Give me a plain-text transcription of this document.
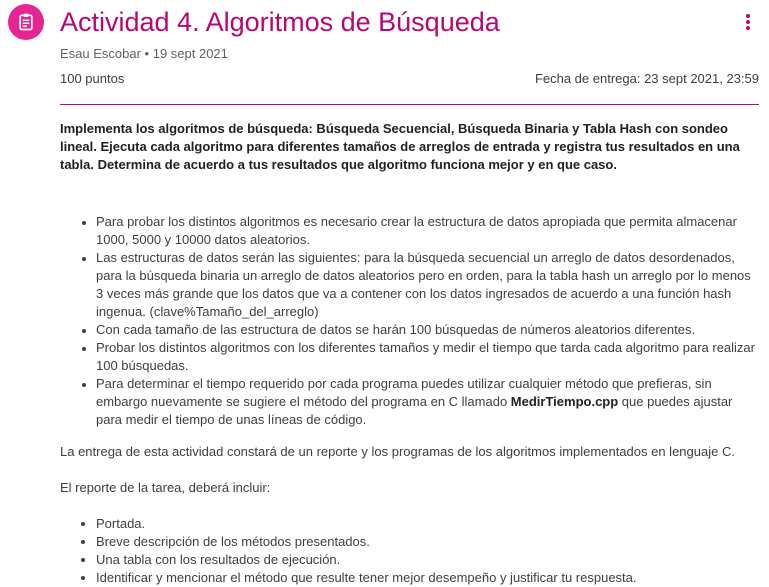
Actividad 4. Algoritmos de Búsqueda
Esau Escobar • 19 sept 2021
100 puntos	Fecha de entrega: 23 sept 2021, 23:59

Implementa los algoritmos de búsqueda: Búsqueda Secuencial, Búsqueda Binaria y Tabla Hash con sondeo lineal. Ejecuta cada algoritmo para diferentes tamaños de arreglos de entrada y registra tus resultados en una tabla. Determina de acuerdo a tus resultados que algoritmo funciona mejor y en que caso.

• Para probar los distintos algoritmos es necesario crear la estructura de datos apropiada que permita almacenar 1000, 5000 y 10000 datos aleatorios.
• Las estructuras de datos serán las siguientes: para la búsqueda secuencial un arreglo de datos desordenados, para la búsqueda binaria un arreglo de datos aleatorios pero en orden, para la tabla hash un arreglo por lo menos 3 veces más grande que los datos que va a contener con los datos ingresados de acuerdo a una función hash ingenua. (clave%Tamaño_del_arreglo)
• Con cada tamaño de las estructura de datos se harán 100 búsquedas de números aleatorios diferentes.
• Probar los distintos algoritmos con los diferentes tamaños y medir el tiempo que tarda cada algoritmo para realizar 100 búsquedas.
• Para determinar el tiempo requerido por cada programa puedes utilizar cualquier método que prefieras, sin embargo nuevamente se sugiere el método del programa en C llamado MedirTiempo.cpp que puedes ajustar para medir el tiempo de unas líneas de código.

La entrega de esta actividad constará de un reporte y los programas de los algoritmos implementados en lenguaje C.

El reporte de la tarea, deberá incluir:

• Portada.
• Breve descripción de los métodos presentados.
• Una tabla con los resultados de ejecución.
• Identificar y mencionar el método que resulte tener mejor desempeño y justificar tu respuesta.
